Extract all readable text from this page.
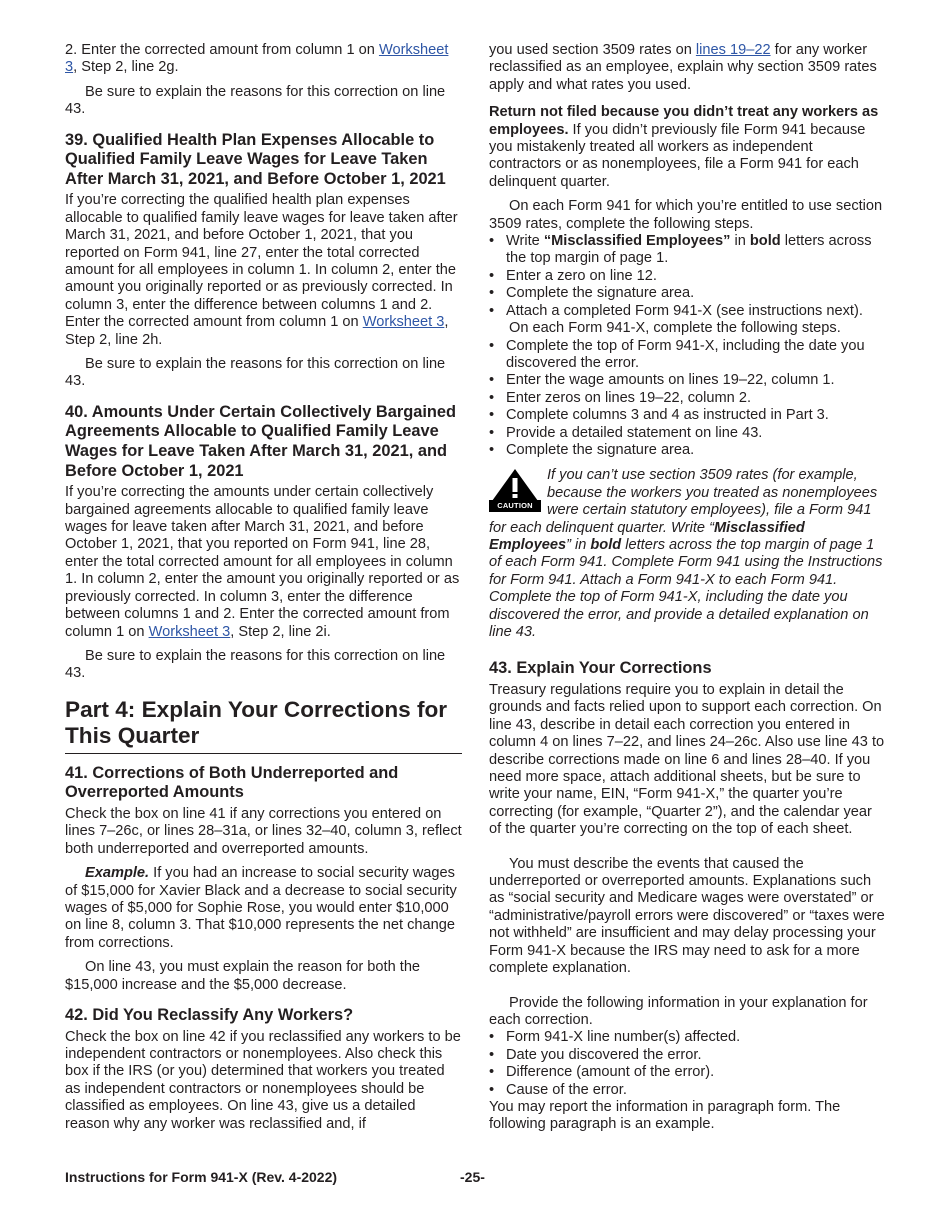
2. Enter the corrected amount from column 1 on Worksheet 3, Step 2, line 2g.

Be sure to explain the reasons for this correction on line 43.

39. Qualified Health Plan Expenses Allocable to Qualified Family Leave Wages for Leave Taken After March 31, 2021, and Before October 1, 2021

If you’re correcting the qualified health plan expenses allocable to qualified family leave wages for leave taken after March 31, 2021, and before October 1, 2021, that you reported on Form 941, line 27, enter the total corrected amount for all employees in column 1. In column 2, enter the amount you originally reported or as previously corrected. In column 3, enter the difference between columns 1 and 2. Enter the corrected amount from column 1 on Worksheet 3, Step 2, line 2h.

Be sure to explain the reasons for this correction on line 43.

40. Amounts Under Certain Collectively Bargained Agreements Allocable to Qualified Family Leave Wages for Leave Taken After March 31, 2021, and Before October 1, 2021

If you’re correcting the amounts under certain collectively bargained agreements allocable to qualified family leave wages for leave taken after March 31, 2021, and before October 1, 2021, that you reported on Form 941, line 28, enter the total corrected amount for all employees in column 1. In column 2, enter the amount you originally reported or as previously corrected. In column 3, enter the difference between columns 1 and 2. Enter the corrected amount from column 1 on Worksheet 3, Step 2, line 2i.

Be sure to explain the reasons for this correction on line 43.

Part 4: Explain Your Corrections for This Quarter
41. Corrections of Both Underreported and Overreported Amounts

Check the box on line 41 if any corrections you entered on lines 7–26c, or lines 28–31a, or lines 32–40, column 3, reflect both underreported and overreported amounts.

Example. If you had an increase to social security wages of $15,000 for Xavier Black and a decrease to social security wages of $5,000 for Sophie Rose, you would enter $10,000 on line 8, column 3. That $10,000 represents the net change from corrections.

On line 43, you must explain the reason for both the $15,000 increase and the $5,000 decrease.

42. Did You Reclassify Any Workers?

Check the box on line 42 if you reclassified any workers to be independent contractors or nonemployees. Also check this box if the IRS (or you) determined that workers you treated as independent contractors or nonemployees should be classified as employees. On line 43, give us a detailed reason why any worker was reclassified and, if

you used section 3509 rates on lines 19–22 for any worker reclassified as an employee, explain why section 3509 rates apply and what rates you used.

Return not filed because you didn’t treat any workers as employees. If you didn’t previously file Form 941 because you mistakenly treated all workers as independent contractors or as nonemployees, file a Form 941 for each delinquent quarter.

On each Form 941 for which you’re entitled to use section 3509 rates, complete the following steps.

• Write “Misclassified Employees” in bold letters across the top margin of page 1.

• Enter a zero on line 12.

• Complete the signature area.

• Attach a completed Form 941-X (see instructions next).

On each Form 941-X, complete the following steps.

• Complete the top of Form 941-X, including the date you discovered the error.

• Enter the wage amounts on lines 19–22, column 1.

• Enter zeros on lines 19–22, column 2.

• Complete columns 3 and 4 as instructed in Part 3.

• Provide a detailed statement on line 43.

• Complete the signature area.

CAUTION
If you can’t use section 3509 rates (for example, because the workers you treated as nonemployees were certain statutory employees), file a Form 941 for each delinquent quarter. Write “Misclassified Employees” in bold letters across the top margin of page 1 of each Form 941. Complete Form 941 using the Instructions for Form 941. Attach a Form 941-X to each Form 941. Complete the top of Form 941-X, including the date you discovered the error, and provide a detailed explanation on line 43.
43. Explain Your Corrections

Treasury regulations require you to explain in detail the grounds and facts relied upon to support each correction. On line 43, describe in detail each correction you entered in column 4 on lines 7–22, and lines 24–26c. Also use line 43 to describe corrections made on line 6 and lines 28–40. If you need more space, attach additional sheets, but be sure to write your name, EIN, “Form 941-X,” the quarter you’re correcting (for example, “Quarter 2”), and the calendar year of the quarter you’re correcting on the top of each sheet.

You must describe the events that caused the underreported or overreported amounts. Explanations such as “social security and Medicare wages were overstated” or “administrative/payroll errors were discovered” or “taxes were not withheld” are insufficient and may delay processing your Form 941-X because the IRS may need to ask for a more complete explanation.

Provide the following information in your explanation for each correction.

• Form 941-X line number(s) affected.

• Date you discovered the error.

• Difference (amount of the error).

• Cause of the error.

You may report the information in paragraph form. The following paragraph is an example.

Instructions for Form 941-X (Rev. 4-2022)	-25-
